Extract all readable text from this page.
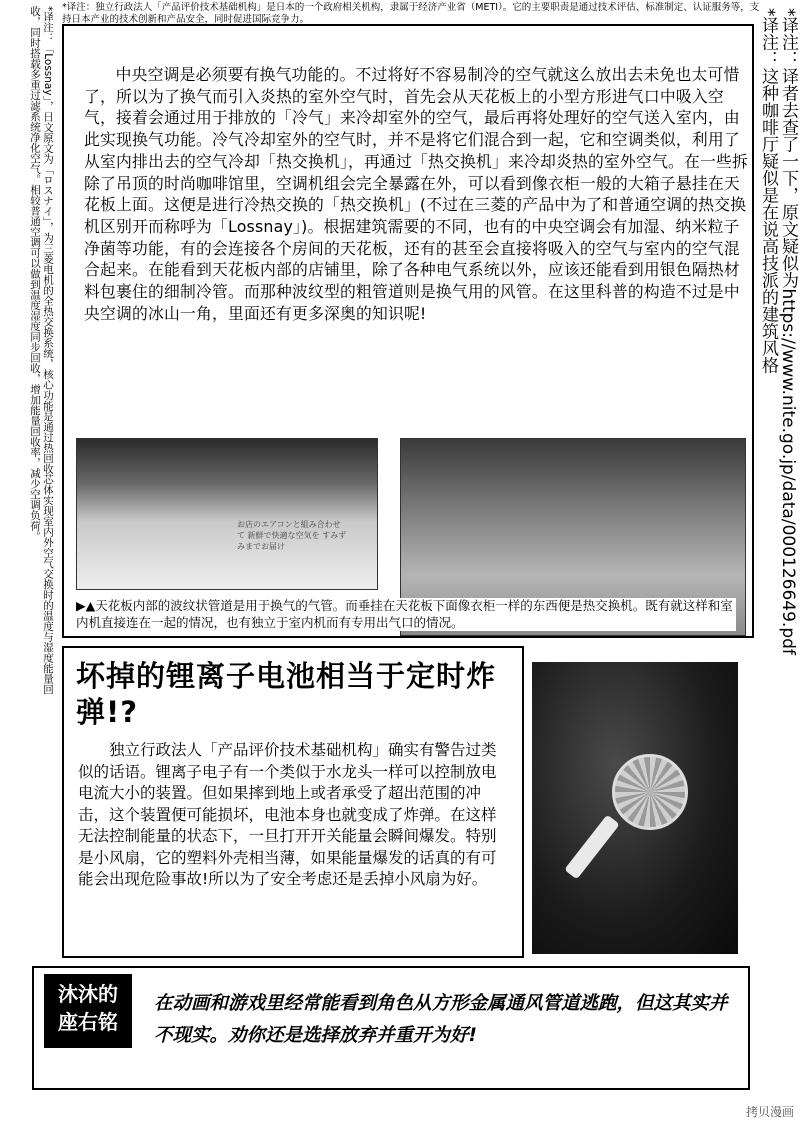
*译注：独立行政法人「产品评价技术基础机构」是日本的一个政府相关机构，隶属于经济产业省（METI）。它的主要职责是通过技术评估、标准制定、认证服务等，支持日本产业的技术创新和产品安全，同时促进国际竞争力。
*译注：「Lossnay」，日文原文为「ロスナイ」，为三菱电机的全热交换系统，核心功能是通过热回收芯体实现室内外空气交换时的温度与湿度能量回收，同时搭载多重过滤系统净化空气。相较普通空调可以做到温度湿度同步回收，增加能量回收率，减少空调负荷。	*译注：译者去查了一下，原文疑似为https://www.nite.go.jp/data/000126649.pdf
*译注：这种咖啡厅疑似是在说高技派的建筑风格
中央空调是必须要有换气功能的。不过将好不容易制冷的空气就这么放出去未免也太可惜了，所以为了换气而引入炎热的室外空气时，首先会从天花板上的小型方形进气口中吸入空气，接着会通过用于排放的「冷气」来冷却室外的空气，最后再将处理好的空气送入室内，由此实现换气功能。冷气冷却室外的空气时，并不是将它们混合到一起，它和空调类似，利用了从室内排出去的空气冷却「热交换机」，再通过「热交换机」来冷却炎热的室外空气。在一些拆除了吊顶的时尚咖啡馆里，空调机组会完全暴露在外，可以看到像衣柜一般的大箱子悬挂在天花板上面。这便是进行冷热交换的「热交换机」(不过在三菱的产品中为了和普通空调的热交换机区别开而称呼为「Lossnay」)。根据建筑需要的不同，也有的中央空调会有加湿、纳米粒子净菌等功能，有的会连接各个房间的天花板，还有的甚至会直接将吸入的空气与室内的空气混合起来。在能看到天花板内部的店铺里，除了各种电气系统以外，应该还能看到用银色隔热材料包裹住的细制冷管。而那种波纹型的粗管道则是换气用的风管。在这里科普的构造不过是中央空调的冰山一角，里面还有更多深奥的知识呢!
お店のエアコンと組み合わせて 新鮮で快適な空気を すみずみまでお届け
▶▲天花板内部的波纹状管道是用于换气的气管。而垂挂在天花板下面像衣柜一样的东西便是热交换机。既有就这样和室内机直接连在一起的情况，也有独立于室内机而有专用出气口的情况。
坏掉的锂离子电池相当于定时炸弹!?
独立行政法人「产品评价技术基础机构」确实有警告过类似的话语。锂离子电子有一个类似于水龙头一样可以控制放电电流大小的装置。但如果摔到地上或者承受了超出范围的冲击，这个装置便可能损坏，电池本身也就变成了炸弹。在这样无法控制能量的状态下，一旦打开开关能量会瞬间爆发。特别是小风扇，它的塑料外壳相当薄，如果能量爆发的话真的有可能会出现危险事故!所以为了安全考虑还是丢掉小风扇为好。
沐沐的
座右铭
在动画和游戏里经常能看到角色从方形金属通风管道逃跑，但这其实并不现实。劝你还是选择放弃并重开为好!
拷贝漫画
